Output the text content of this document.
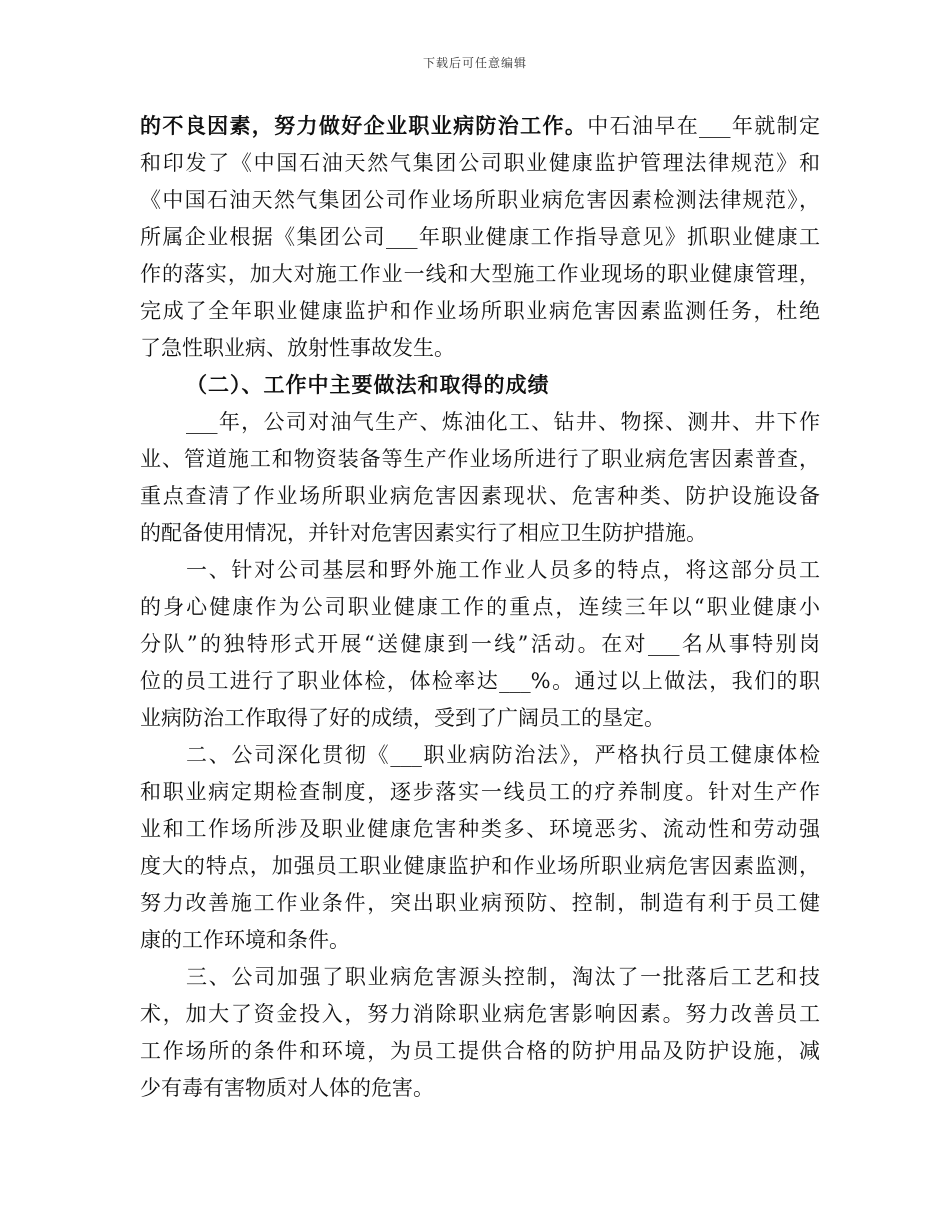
下载后可任意编辑
的不良因素，努力做好企业职业病防治工作。中石油早在___年就制定
和印发了《中国石油天然气集团公司职业健康监护管理法律规范》和
《中国石油天然气集团公司作业场所职业病危害因素检测法律规范》，
所属企业根据《集团公司___年职业健康工作指导意见》抓职业健康工
作的落实，加大对施工作业一线和大型施工作业现场的职业健康管理，
完成了全年职业健康监护和作业场所职业病危害因素监测任务，杜绝
了急性职业病、放射性事故发生。
（二）、工作中主要做法和取得的成绩
___年，公司对油气生产、炼油化工、钻井、物探、测井、井下作
业、管道施工和物资装备等生产作业场所进行了职业病危害因素普查，
重点查清了作业场所职业病危害因素现状、危害种类、防护设施设备
的配备使用情况，并针对危害因素实行了相应卫生防护措施。
一、针对公司基层和野外施工作业人员多的特点，将这部分员工
的身心健康作为公司职业健康工作的重点，连续三年以“职业健康小
分队”的独特形式开展“送健康到一线”活动。在对___名从事特别岗
位的员工进行了职业体检，体检率达___%。通过以上做法，我们的职
业病防治工作取得了好的成绩，受到了广阔员工的垦定。
二、公司深化贯彻《___职业病防治法》，严格执行员工健康体检
和职业病定期检查制度，逐步落实一线员工的疗养制度。针对生产作
业和工作场所涉及职业健康危害种类多、环境恶劣、流动性和劳动强
度大的特点，加强员工职业健康监护和作业场所职业病危害因素监测，
努力改善施工作业条件，突出职业病预防、控制，制造有利于员工健
康的工作环境和条件。
三、公司加强了职业病危害源头控制，淘汰了一批落后工艺和技
术，加大了资金投入，努力消除职业病危害影响因素。努力改善员工
工作场所的条件和环境，为员工提供合格的防护用品及防护设施，减
少有毒有害物质对人体的危害。
